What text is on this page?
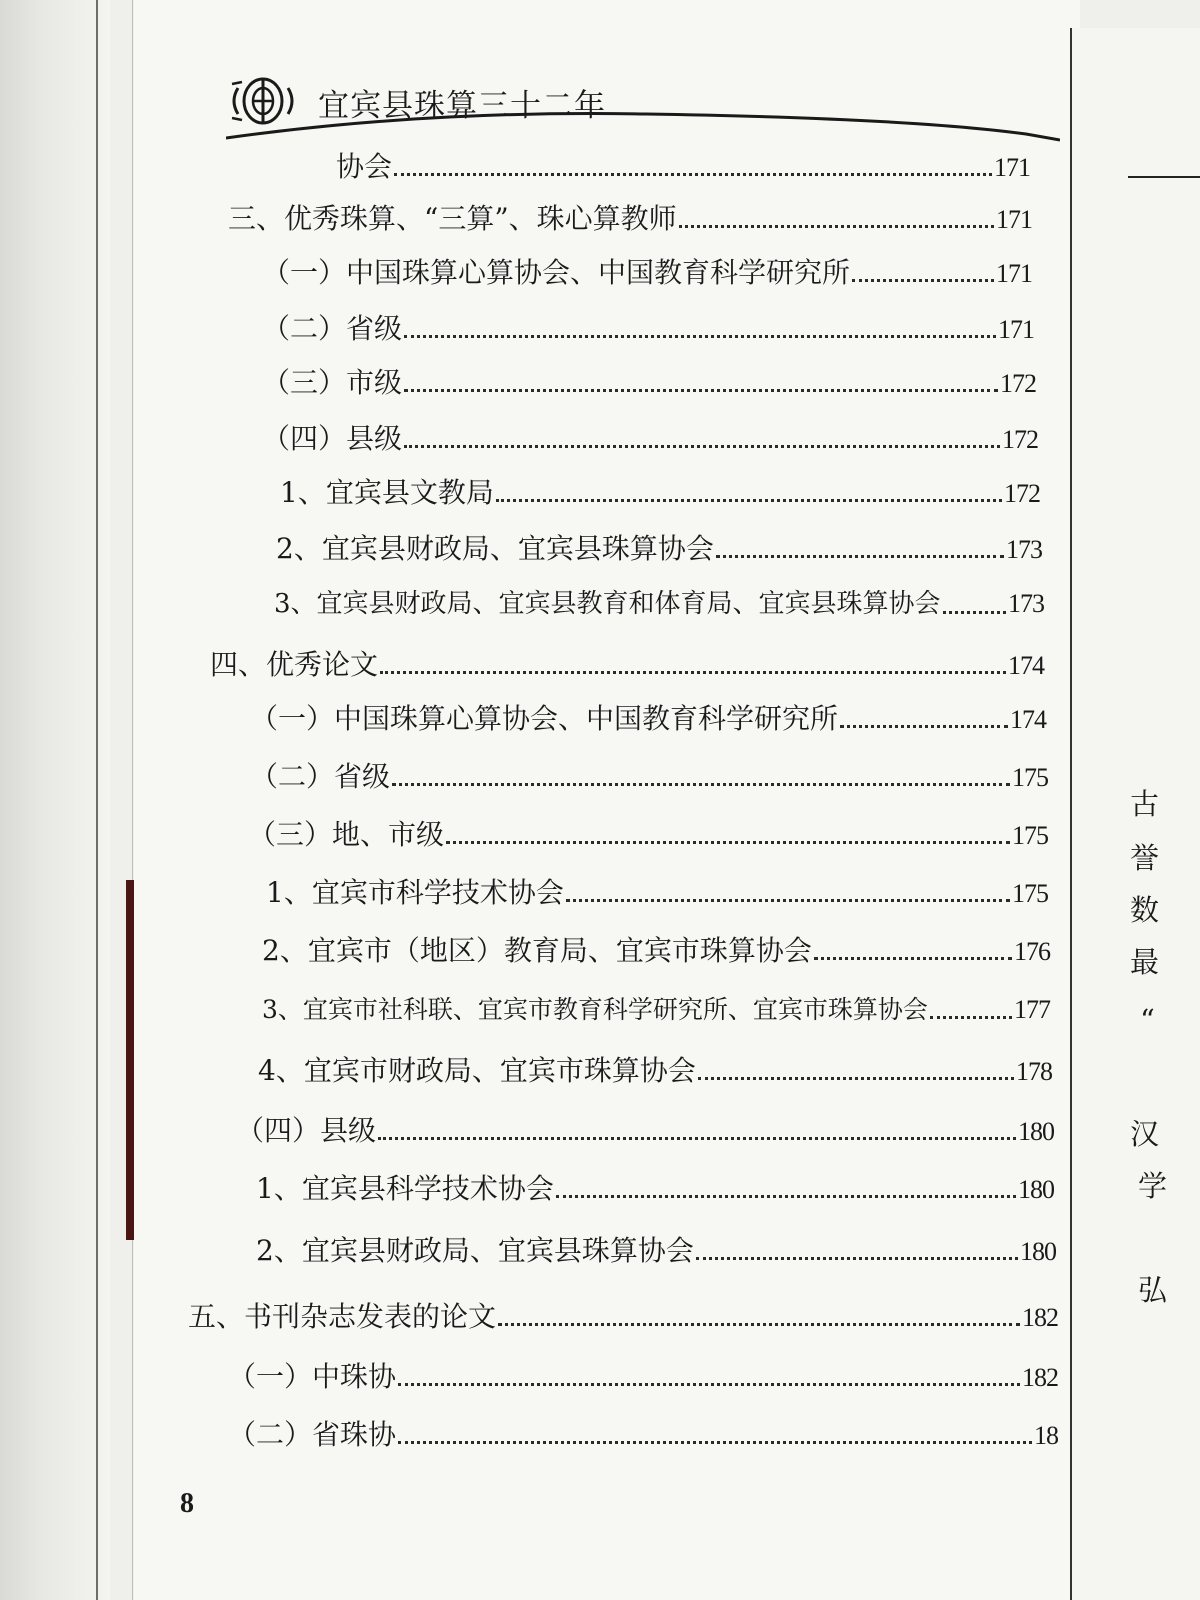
古
誉
数
最
“
汉
学
弘
宜宾县珠算三十二年
协会	171
三、优秀珠算、“三算”、珠心算教师	171
（一）中国珠算心算协会、中国教育科学研究所	171
（二）省级	171
（三）市级	172
（四）县级	172
1、宜宾县文教局	172
2、宜宾县财政局、宜宾县珠算协会	173
3、宜宾县财政局、宜宾县教育和体育局、宜宾县珠算协会	173
四、优秀论文	174
（一）中国珠算心算协会、中国教育科学研究所	174
（二）省级	175
（三）地、市级	175
1、宜宾市科学技术协会	175
2、宜宾市（地区）教育局、宜宾市珠算协会	176
3、宜宾市社科联、宜宾市教育科学研究所、宜宾市珠算协会	177
4、宜宾市财政局、宜宾市珠算协会	178
（四）县级	180
1、宜宾县科学技术协会	180
2、宜宾县财政局、宜宾县珠算协会	180
五、书刊杂志发表的论文	182
（一）中珠协	182
（二）省珠协	18
8
